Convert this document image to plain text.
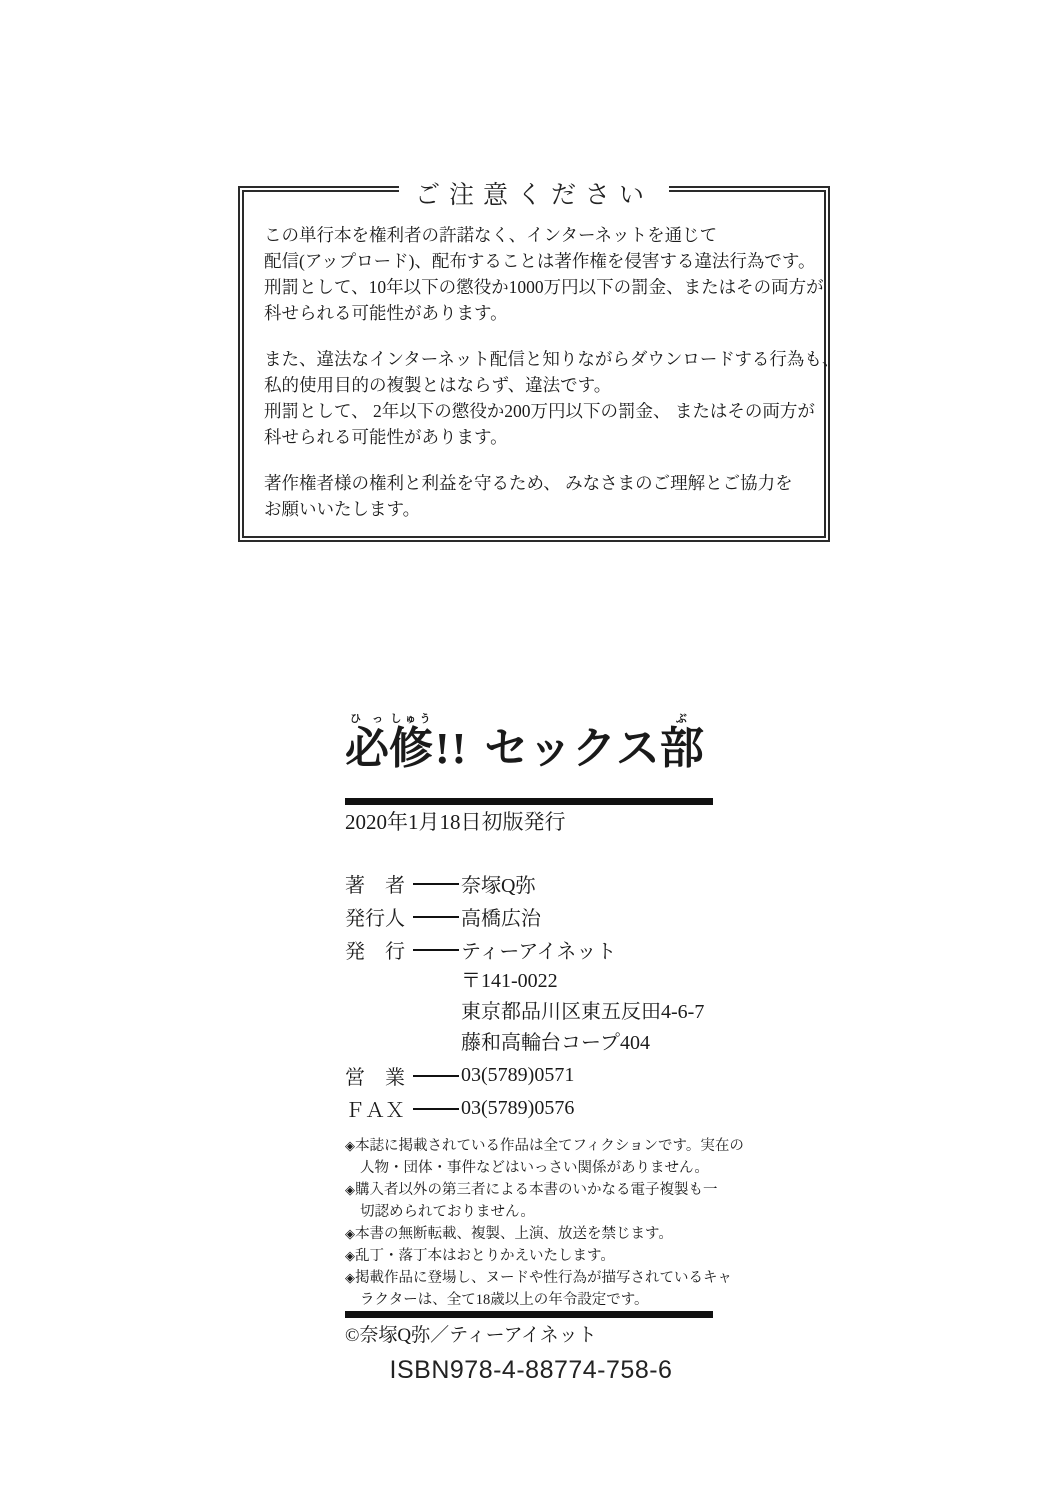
ご注意ください
この単行本を権利者の許諾なく、インターネットを通じて
配信(アップロード)、配布することは著作権を侵害する違法行為です。
刑罰として、10年以下の懲役か1000万円以下の罰金、またはその両方が
科せられる可能性があります。
また、違法なインターネット配信と知りながらダウンロードする行為も、
私的使用目的の複製とはならず、違法です。
刑罰として、 2年以下の懲役か200万円以下の罰金、 またはその両方が
科せられる可能性があります。
著作権者様の権利と利益を守るため、 みなさまのご理解とご協力を
お願いいたします。
必ひっ修しゅう!! セックス部ぶ
2020年1月18日初版発行
著　者	奈塚Q弥
発行人	高橋広治
発　行	ティーアイネット
〒141-0022
東京都品川区東五反田4-6-7
藤和高輪台コープ404
営　業	03(5789)0571
ＦＡＸ	03(5789)0576
◈本誌に掲載されている作品は全てフィクションです。実在の
人物・団体・事件などはいっさい関係がありません。
◈購入者以外の第三者による本書のいかなる電子複製も一
切認められておりません。
◈本書の無断転載、複製、上演、放送を禁じます。
◈乱丁・落丁本はおとりかえいたします。
◈掲載作品に登場し、ヌードや性行為が描写されているキャ
ラクターは、全て18歳以上の年令設定です。
©奈塚Q弥／ティーアイネット
ISBN978-4-88774-758-6
